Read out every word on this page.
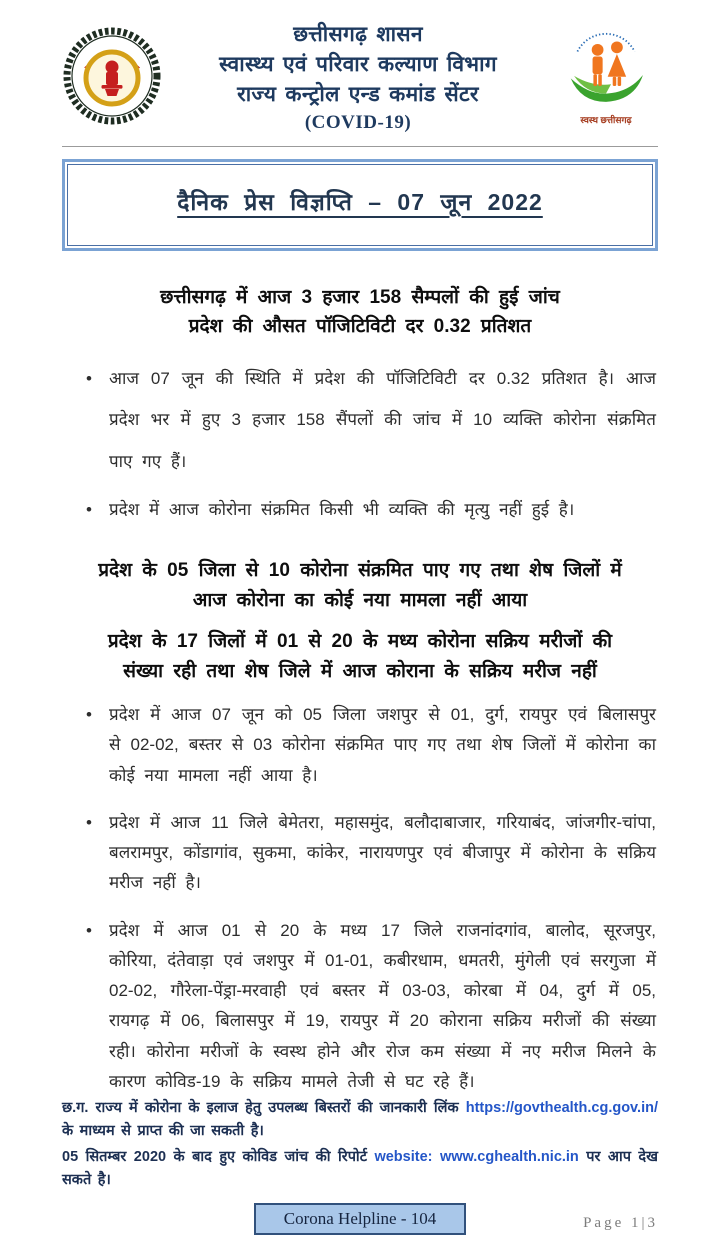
छत्तीसगढ़ शासन
स्वास्थ्य एवं परिवार कल्याण विभाग
राज्य कन्ट्रोल एन्ड कमांड सेंटर
(COVID-19)	स्वस्थ छत्तीसगढ़
दैनिक प्रेस विज्ञप्ति – 07 जून 2022
छत्तीसगढ़ में आज 3 हजार 158 सैम्पलों की हुई जांच
प्रदेश की औसत पॉजिटिविटी दर 0.32 प्रतिशत
• आज 07 जून की स्थिति में प्रदेश की पॉजिटिविटी दर 0.32 प्रतिशत है। आज प्रदेश भर में हुए 3 हजार 158 सैंपलों की जांच में 10 व्यक्ति कोरोना संक्रमित पाए गए हैं।
• प्रदेश में आज कोरोना संक्रमित किसी भी व्यक्ति की मृत्यु नहीं हुई है।
प्रदेश के 05 जिला से 10 कोरोना संक्रमित पाए गए तथा शेष जिलों में
आज कोरोना का कोई नया मामला नहीं आया
प्रदेश के 17 जिलों में 01 से 20 के मध्य कोरोना सक्रिय मरीजों की
संख्या रही तथा शेष जिले में आज कोराना के सक्रिय मरीज नहीं
• प्रदेश में आज 07 जून को 05 जिला जशपुर से 01, दुर्ग, रायपुर एवं बिलासपुर से 02-02, बस्तर से 03 कोरोना संक्रमित पाए गए तथा शेष जिलों में कोरोना का कोई नया मामला नहीं आया है।
• प्रदेश में आज 11 जिले बेमेतरा, महासमुंद, बलौदाबाजार, गरियाबंद, जांजगीर-चांपा, बलरामपुर, कोंडागांव, सुकमा, कांकेर, नारायणपुर एवं बीजापुर में कोरोना के सक्रिय मरीज नहीं है।
• प्रदेश में आज 01 से 20 के मध्य 17 जिले राजनांदगांव, बालोद, सूरजपुर, कोरिया, दंतेवाड़ा एवं जशपुर में 01-01, कबीरधाम, धमतरी, मुंगेली एवं सरगुजा में 02-02, गौरेला-पेंड्रा-मरवाही एवं बस्तर में 03-03, कोरबा में 04, दुर्ग में 05, रायगढ़ में 06, बिलासपुर में 19, रायपुर में 20 कोराना सक्रिय मरीजों की संख्या रही। कोरोना मरीजों के स्वस्थ होने और रोज कम संख्या में नए मरीज मिलने के कारण कोविड-19 के सक्रिय मामले तेजी से घट रहे हैं।
छ.ग. राज्य में कोरोना के इलाज हेतु उपलब्ध बिस्तरों की जानकारी लिंक https://govthealth.cg.gov.in/ के माध्यम से प्राप्त की जा सकती है।
05 सितम्बर 2020 के बाद हुए कोविड जांच की रिपोर्ट website: www.cghealth.nic.in पर आप देख सकते है।
Corona Helpline - 104	Page 1|3
